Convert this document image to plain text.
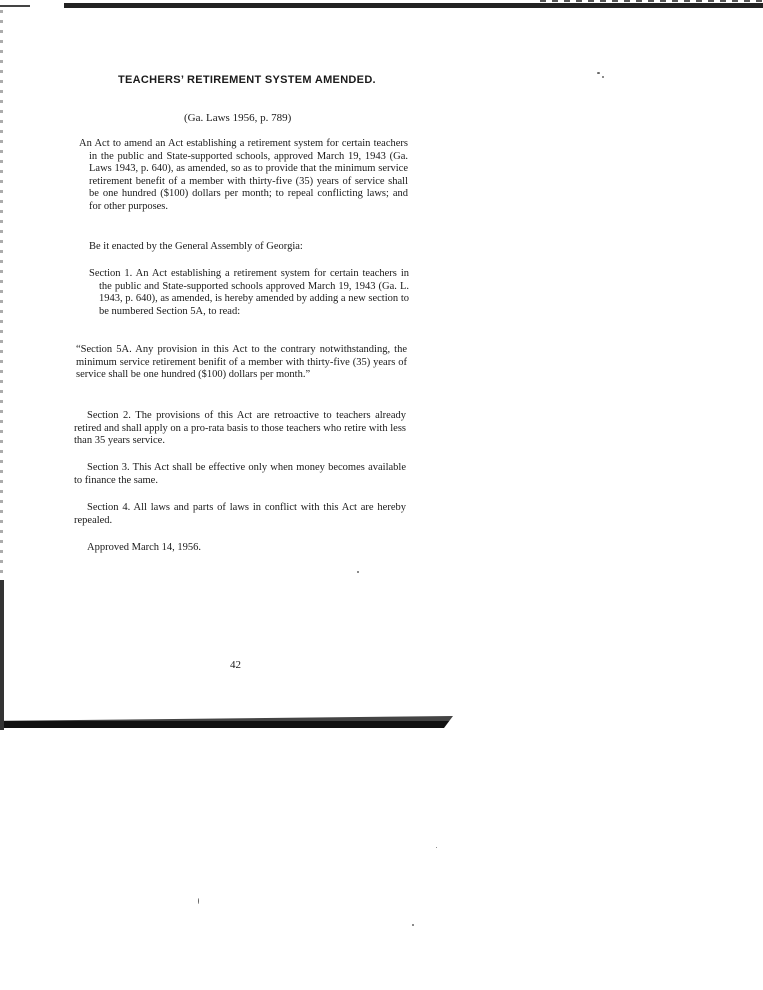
TEACHERS’ RETIREMENT SYSTEM AMENDED.
(Ga. Laws 1956, p. 789)

An Act to amend an Act establishing a retirement system for certain teachers in the public and State-supported schools, approved March 19, 1943 (Ga. Laws 1943, p. 640), as amended, so as to provide that the minimum service retirement benefit of a member with thirty-five (35) years of service shall be one hundred ($100) dollars per month; to repeal conflicting laws; and for other purposes.

Be it enacted by the General Assembly of Georgia:

Section 1. An Act establishing a retirement system for certain teachers in the public and State-supported schools approved March 19, 1943 (Ga. L. 1943, p. 640), as amended, is hereby amended by adding a new section to be numbered Section 5A, to read:

“Section 5A. Any provision in this Act to the contrary notwithstanding, the minimum service retirement benifit of a member with thirty-five (35) years of service shall be one hundred ($100) dollars per month.”

Section 2. The provisions of this Act are retroactive to teachers already retired and shall apply on a pro-rata basis to those teachers who retire with less than 35 years service.

Section 3. This Act shall be effective only when money becomes available to finance the same.

Section 4. All laws and parts of laws in conflict with this Act are hereby repealed.

Approved March 14, 1956.

42
